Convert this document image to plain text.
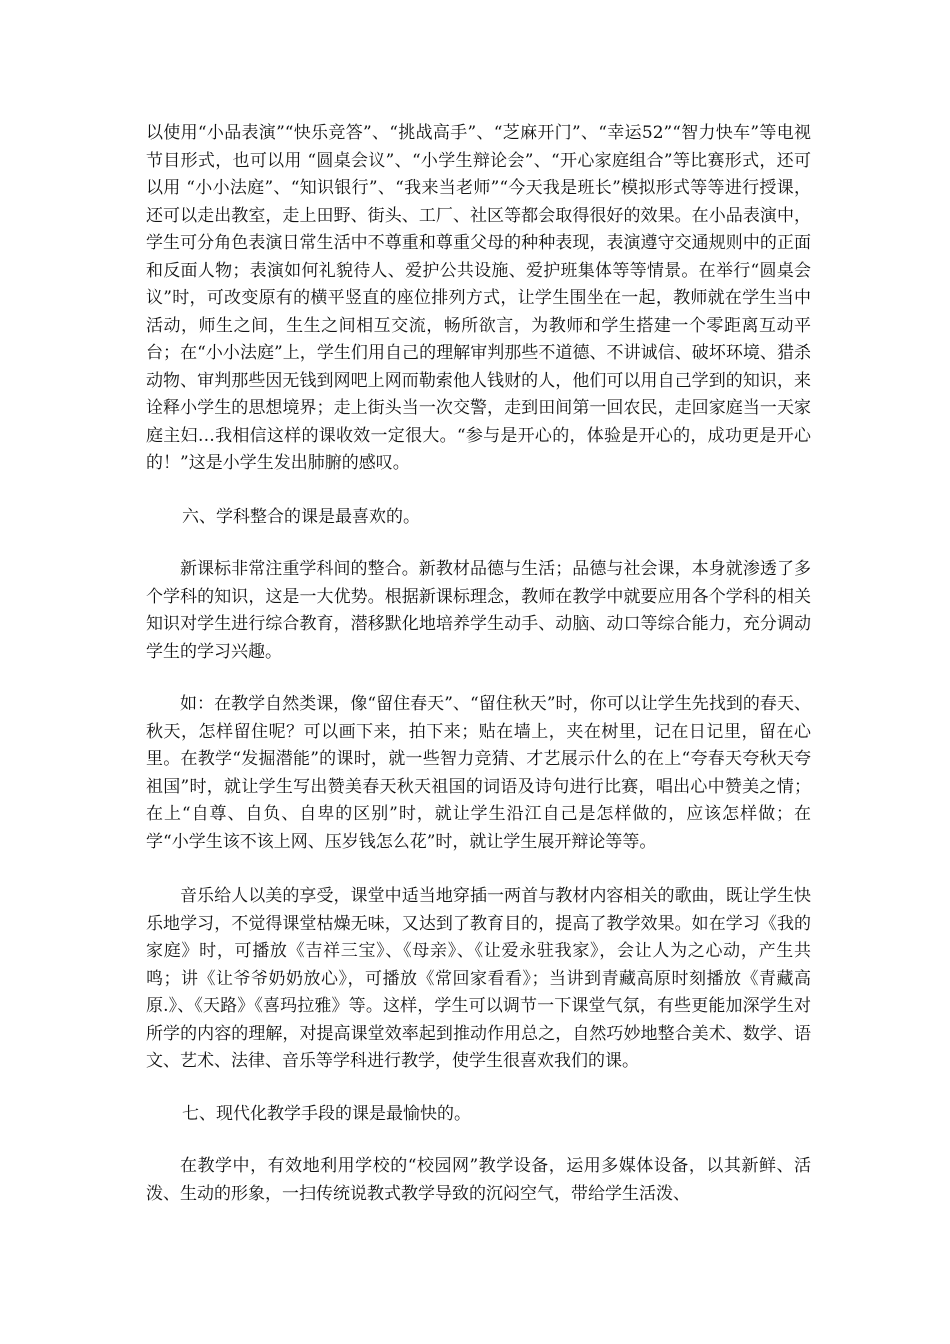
以使用“小品表演”“快乐竞答”、“挑战高手”、“芝麻开门”、“幸运52”“智力快车”等电视节目形式，也可以用 “圆桌会议”、“小学生辩论会”、“开心家庭组合”等比赛形式，还可以用 “小小法庭”、“知识银行”、“我来当老师”“今天我是班长”模拟形式等等进行授课，还可以走出教室，走上田野、街头、工厂、社区等都会取得很好的效果。在小品表演中，学生可分角色表演日常生活中不尊重和尊重父母的种种表现，表演遵守交通规则中的正面和反面人物；表演如何礼貌待人、爱护公共设施、爱护班集体等等情景。在举行“圆桌会议”时，可改变原有的横平竖直的座位排列方式，让学生围坐在一起，教师就在学生当中活动，师生之间，生生之间相互交流，畅所欲言，为教师和学生搭建一个零距离互动平台；在“小小法庭”上，学生们用自己的理解审判那些不道德、不讲诚信、破坏环境、猎杀动物、审判那些因无钱到网吧上网而勒索他人钱财的人，他们可以用自己学到的知识，来诠释小学生的思想境界；走上街头当一次交警，走到田间第一回农民，走回家庭当一天家庭主妇…我相信这样的课收效一定很大。“参与是开心的，体验是开心的，成功更是开心的！”这是小学生发出肺腑的感叹。

六、学科整合的课是最喜欢的。

新课标非常注重学科间的整合。新教材品德与生活；品德与社会课，本身就渗透了多个学科的知识，这是一大优势。根据新课标理念，教师在教学中就要应用各个学科的相关知识对学生进行综合教育，潜移默化地培养学生动手、动脑、动口等综合能力，充分调动学生的学习兴趣。

如：在教学自然类课，像“留住春天”、“留住秋天”时，你可以让学生先找到的春天、秋天，怎样留住呢？可以画下来，拍下来；贴在墙上，夹在树里，记在日记里，留在心里。在教学“发掘潜能”的课时，就一些智力竞猜、才艺展示什么的在上“夸春天夸秋天夸祖国”时，就让学生写出赞美春天秋天祖国的词语及诗句进行比赛，唱出心中赞美之情；在上“自尊、自负、自卑的区别”时，就让学生沿江自己是怎样做的，应该怎样做；在学“小学生该不该上网、压岁钱怎么花”时，就让学生展开辩论等等。

音乐给人以美的享受，课堂中适当地穿插一两首与教材内容相关的歌曲，既让学生快乐地学习，不觉得课堂枯燥无味，又达到了教育目的，提高了教学效果。如在学习《我的家庭》时，可播放《吉祥三宝》、《母亲》、《让爱永驻我家》，会让人为之心动，产生共鸣；讲《让爷爷奶奶放心》，可播放《常回家看看》；当讲到青藏高原时刻播放《青藏高原.》、《天路》《喜玛拉雅》等。这样，学生可以调节一下课堂气氛，有些更能加深学生对所学的内容的理解，对提高课堂效率起到推动作用总之，自然巧妙地整合美术、数学、语文、艺术、法律、音乐等学科进行教学，使学生很喜欢我们的课。

七、现代化教学手段的课是最愉快的。

在教学中，有效地利用学校的“校园网”教学设备，运用多媒体设备，以其新鲜、活泼、生动的形象，一扫传统说教式教学导致的沉闷空气，带给学生活泼、
